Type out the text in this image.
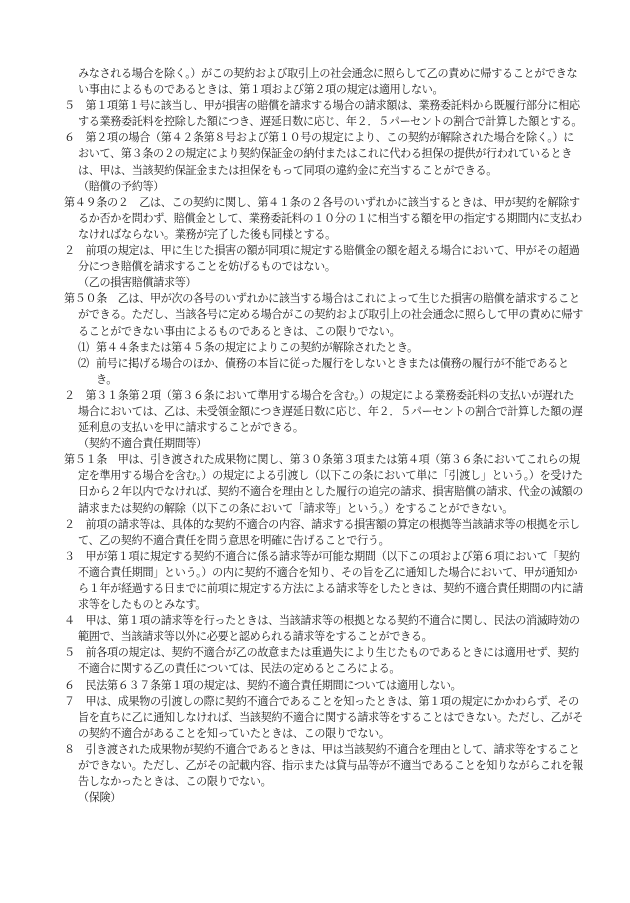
みなされる場合を除く。）がこの契約および取引上の社会通念に照らして乙の責めに帰することができない事由によるものであるときは、第１項および第２項の規定は適用しない。

５　第１項第１号に該当し、甲が損害の賠償を請求する場合の請求額は、業務委託料から既履行部分に相応する業務委託料を控除した額につき、遅延日数に応じ、年２．５パーセントの割合で計算した額とする。

６　第２項の場合（第４２条第８号および第１０号の規定により、この契約が解除された場合を除く。）において、第３条の２の規定により契約保証金の納付またはこれに代わる担保の提供が行われているときは、甲は、当該契約保証金または担保をもって同項の違約金に充当することができる。

（賠償の予約等）

第４９条の２　乙は、この契約に関し、第４１条の２各号のいずれかに該当するときは、甲が契約を解除するか否かを問わず、賠償金として、業務委託料の１０分の１に相当する額を甲の指定する期間内に支払わなければならない。業務が完了した後も同様とする。

２　前項の規定は、甲に生じた損害の額が同項に規定する賠償金の額を超える場合において、甲がその超過分につき賠償を請求することを妨げるものではない。

（乙の損害賠償請求等）

第５０条　乙は、甲が次の各号のいずれかに該当する場合はこれによって生じた損害の賠償を請求することができる。ただし、当該各号に定める場合がこの契約および取引上の社会通念に照らして甲の責めに帰することができない事由によるものであるときは、この限りでない。

⑴ 第４４条または第４５条の規定によりこの契約が解除されたとき。

⑵ 前号に掲げる場合のほか、債務の本旨に従った履行をしないときまたは債務の履行が不能であるとき。

２　第３１条第２項（第３６条において準用する場合を含む。）の規定による業務委託料の支払いが遅れた場合においては、乙は、未受領金額につき遅延日数に応じ、年２．５パーセントの割合で計算した額の遅延利息の支払いを甲に請求することができる。

（契約不適合責任期間等）

第５１条　甲は、引き渡された成果物に関し、第３０条第３項または第４項（第３６条においてこれらの規定を準用する場合を含む。）の規定による引渡し（以下この条において単に「引渡し」という。）を受けた日から２年以内でなければ、契約不適合を理由とした履行の追完の請求、損害賠償の請求、代金の減額の請求または契約の解除（以下この条において「請求等」という。）をすることができない。

２　前項の請求等は、具体的な契約不適合の内容、請求する損害額の算定の根拠等当該請求等の根拠を示して、乙の契約不適合責任を問う意思を明確に告げることで行う。

３　甲が第１項に規定する契約不適合に係る請求等が可能な期間（以下この項および第６項において「契約不適合責任期間」という。）の内に契約不適合を知り、その旨を乙に通知した場合において、甲が通知から１年が経過する日までに前項に規定する方法による請求等をしたときは、契約不適合責任期間の内に請求等をしたものとみなす。

４　甲は、第１項の請求等を行ったときは、当該請求等の根拠となる契約不適合に関し、民法の消滅時効の範囲で、当該請求等以外に必要と認められる請求等をすることができる。

５　前各項の規定は、契約不適合が乙の故意または重過失により生じたものであるときには適用せず、契約不適合に関する乙の責任については、民法の定めるところによる。

６　民法第６３７条第１項の規定は、契約不適合責任期間については適用しない。

７　甲は、成果物の引渡しの際に契約不適合であることを知ったときは、第１項の規定にかかわらず、その旨を直ちに乙に通知しなければ、当該契約不適合に関する請求等をすることはできない。ただし、乙がその契約不適合があることを知っていたときは、この限りでない。

８　引き渡された成果物が契約不適合であるときは、甲は当該契約不適合を理由として、請求等をすることができない。ただし、乙がその記載内容、指示または貸与品等が不適当であることを知りながらこれを報告しなかったときは、この限りでない。

（保険）
